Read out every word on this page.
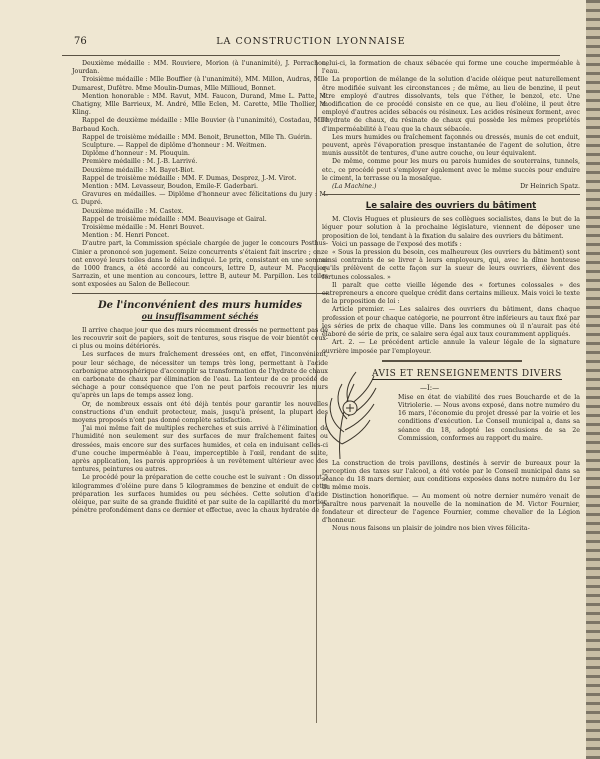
76	LA CONSTRUCTION LYONNAISE

Deuxième médaille : MM. Rouviere, Morion (à l'unanimité), J. Perrachon, Jourdan.

Troisième médaille : Mlle Bouffier (à l'unanimité), MM. Millon, Audras, Mlle Dumarest, Dufêtre. Mme Moulin-Dumas, Mlle Millioud, Bonnet.

Mention honorable : MM. Ravut, MM. Faucon, Durand, Mme L. Patte, M. Chatigny, Mlle Barrieux, M. André, Mlle Eclen, M. Carette, Mlle Thollier, M. Kling.

Rappel de deuxième médaille : Mlle Bouvier (à l'unanimité), Costadau, Mlle Barbaud Koch.

Rappel de troisième médaille : MM. Benoit, Brunetton, Mlle Th. Guérin.

Sculpture. — Rappel de diplôme d'honneur : M. Weitmen.

Diplôme d'honneur : M. Plouquin.

Première médaille : M. J.-B. Larrivé.

Deuxième médaille : M. Bayet-Biot.

Rappel de troisième médaille : MM. F. Dumas, Desprez, J.-M. Virot.

Mention : MM. Levasseur, Boudon, Emile-F. Gaderbari.

Gravures en médailles. — Diplôme d'honneur avec félicitations du jury : M. G. Dupré.

Deuxième médaille : M. Castex.

Rappel de troisième médaille : MM. Beauvisage et Gairal.

Troisième médaille : M. Henri Bouvet.

Mention : M. Henri Poncet.

D'autre part, la Commission spéciale chargée de juger le concours Posthus-Cinier a prononcé son jugement. Seize concurrents s'étaient fait inscrire ; onze ont envoyé leurs toiles dans le délai indiqué. Le prix, consistant en une somme de 1000 francs, a été accordé au concours, lettre D, auteur M. Pacquier-Sarrazin, et une mention au concours, lettre B, auteur M. Parpillon. Les toiles sont exposées au Salon de Bellecour.

De l'inconvénient des murs humides
ou insuffisamment séchés

Il arrive chaque jour que des murs récemment dressés ne permettent pas de les recouvrir soit de papiers, soit de tentures, sous risque de voir bientôt ceux-ci plus ou moins détériorés.

Les surfaces de murs fraîchement dressées ont, en effet, l'inconvénient, pour leur séchage, de nécessiter un temps très long, permettant à l'acide carbonique atmosphérique d'accomplir sa transformation de l'hydrate de chaux en carbonate de chaux par élimination de l'eau. La lenteur de ce procédé de séchage a pour conséquence que l'on ne peut parfois recouvrir les murs qu'après un laps de temps assez long.

Or, de nombreux essais ont été déjà tentés pour garantir les nouvelles constructions d'un enduit protecteur, mais, jusqu'à présent, la plupart des moyens proposés n'ont pas donné complète satisfaction.

J'ai moi même fait de multiples recherches et suis arrivé à l'élimination de l'humidité non seulement sur des surfaces de mur fraîchement faites ou dressées, mais encore sur des surfaces humides, et cela en induisant celles-ci d'une couche imperméable à l'eau, imperceptible à l'œil, rendant de suite, après application, les parois appropriées à un revêtement ultérieur avec des tentures, peintures ou autres.

Le procédé pour la préparation de cette couche est le suivant : On dissout 5 kilogrammes d'oléine pure dans 5 kilogrammes de benzine et enduit de cette préparation les surfaces humides ou peu séchées. Cette solution d'acide oléique, par suite de sa grande fluidité et par suite de la capillarité du mortier, pénètre profondément dans ce dernier et effectue, avec la chaux hydratée de

celui-ci, la formation de chaux sébacée qui forme une couche imperméable à l'eau.

La proportion de mélange de la solution d'acide oléique peut naturellement être modifiée suivant les circonstances ; de même, au lieu de benzine, il peut être employé d'autres dissolvants, tels que l'éther, le benzol, etc. Une modification de ce procédé consiste en ce que, au lieu d'oléine, il peut être employé d'autres acides sébacés ou résineux. Les acides résineux forment, avec l'hydrate de chaux, du résinate de chaux qui possède les mêmes propriétés d'imperméabilité à l'eau que la chaux sébacée.

Les murs humides ou fraîchement façonnés ou dressés, munis de cet enduit, peuvent, après l'évaporation presque instantanée de l'agent de solution, être munis aussitôt de tentures, d'une autre couche, ou leur équivalent.

De même, comme pour les murs ou parois humides de souterrains, tunnels, etc., ce procédé peut s'employer également avec le même succès pour enduire le ciment, la terrasse ou la mosaïque.

(La Machine.)	Dr Heinrich Spatz.
Le salaire des ouvriers du bâtiment

M. Clovis Hugues et plusieurs de ses collègues socialistes, dans le but de la léguer pour solution à la prochaine législature, viennent de déposer une proposition de loi, tendant à la fixation du salaire des ouvriers du bâtiment.

Voici un passage de l'exposé des motifs :

« Sous la pression du besoin, ces malheureux (les ouvriers du bâtiment) sont ainsi contraints de se livrer à leurs employeurs, qui, avec la dîme honteuse qu'ils prélèvent de cette façon sur la sueur de leurs ouvriers, élèvent des fortunes colossales. »

Il paraît que cette vieille légende des « fortunes colossales » des entrepreneurs a encore quelque crédit dans certains milieux. Mais voici le texte de la proposition de loi :

Article premier. — Les salaires des ouvriers du bâtiment, dans chaque profession et pour chaque catégorie, ne pourront être inférieurs au taux fixé par les séries de prix de chaque ville. Dans les communes où il n'aurait pas été élaboré de série de prix, ce salaire sera égal aux taux couramment appliqués.

Art. 2. — Le précédent article annule la valeur légale de la signature ouvrière imposée par l'employeur.

AVIS ET RENSEIGNEMENTS DIVERS
—I:—
Mise en état de viabilité des rues Boucharde et de la Vitriolerie. — Nous avons exposé, dans notre numéro du 16 mars, l'économie du projet dressé par la voirie et les conditions d'exécution. Le Conseil municipal a, dans sa séance du 18, adopté les conclusions de sa 2e Commission, conformes au rapport du maire.

La construction de trois pavillons, destinés à servir de bureaux pour la perception des taxes sur l'alcool, a été votée par le Conseil municipal dans sa séance du 18 mars dernier, aux conditions exposées dans notre numéro du 1er du même mois.

Distinction honorifique. — Au moment où notre dernier numéro venait de paraître nous parvenait la nouvelle de la nomination de M. Victor Fournier, fondateur et directeur de l'agence Fournier, comme chevalier de la Légion d'honneur.

Nous nous faisons un plaisir de joindre nos bien vives félicita-
